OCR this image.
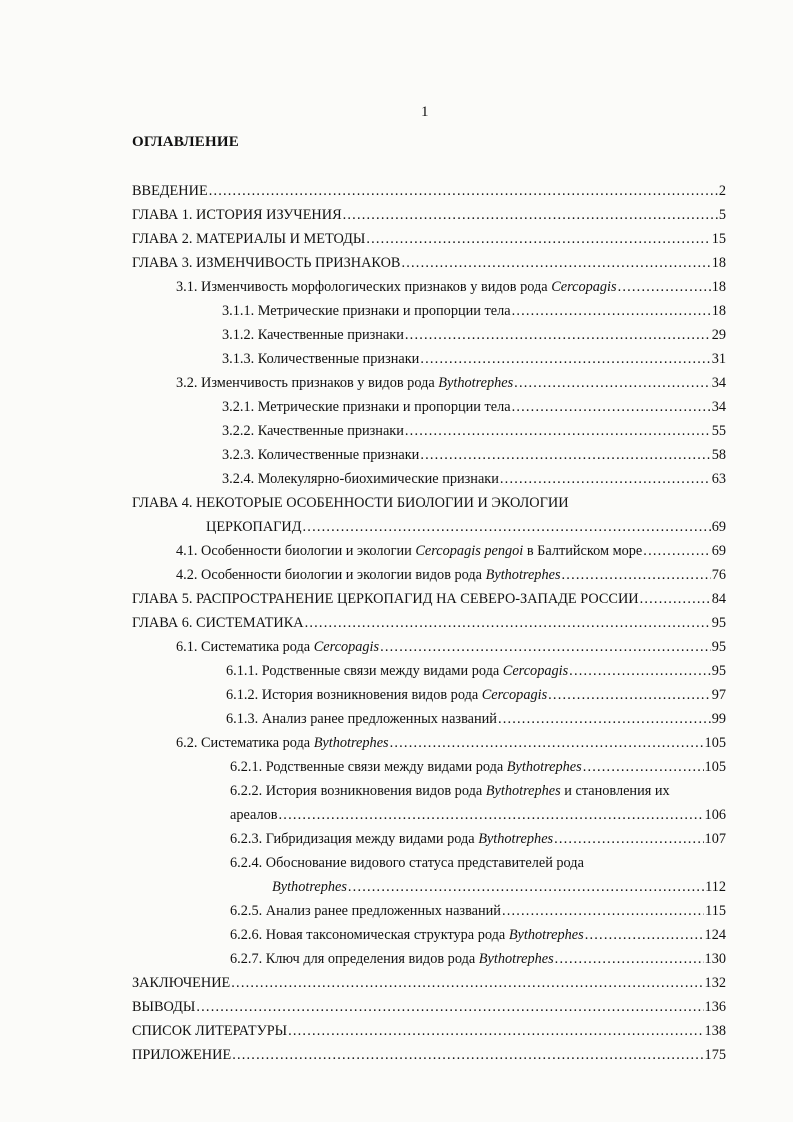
1
ОГЛАВЛЕНИЕ
ВВЕДЕНИЕ .....	2
ГЛАВА 1. ИСТОРИЯ ИЗУЧЕНИЯ .....	5
ГЛАВА 2. МАТЕРИАЛЫ И МЕТОДЫ .....	15
ГЛАВА 3. ИЗМЕНЧИВОСТЬ ПРИЗНАКОВ .....	18
3.1. Изменчивость морфологических признаков у видов рода Cercopagis .....	18
3.1.1. Метрические признаки и пропорции тела .....	18
3.1.2. Качественные признаки .....	29
3.1.3. Количественные признаки .....	31
3.2. Изменчивость признаков у видов рода Bythotrephes .....	34
3.2.1. Метрические признаки и пропорции тела .....	34
3.2.2. Качественные признаки .....	55
3.2.3. Количественные признаки .....	58
3.2.4. Молекулярно-биохимические признаки .....	63
ГЛАВА 4. НЕКОТОРЫЕ ОСОБЕННОСТИ БИОЛОГИИ И ЭКОЛОГИИ
ЦЕРКОПАГИД .....	69
4.1. Особенности биологии и экологии Cercopagis pengoi в Балтийском море .....	69
4.2. Особенности биологии и экологии видов рода Bythotrephes .....	76
ГЛАВА 5. РАСПРОСТРАНЕНИЕ ЦЕРКОПАГИД НА СЕВЕРО-ЗАПАДЕ РОССИИ .....	84
ГЛАВА 6. СИСТЕМАТИКА .....	95
6.1. Систематика рода Cercopagis .....	95
6.1.1. Родственные связи между видами рода Cercopagis .....	95
6.1.2. История возникновения видов рода Cercopagis .....	97
6.1.3. Анализ ранее предложенных названий .....	99
6.2. Систематика рода Bythotrephes .....	105
6.2.1. Родственные связи между видами рода Bythotrephes .....	105
6.2.2. История возникновения видов рода Bythotrephes и становления их
ареалов .....	106
6.2.3. Гибридизация между видами рода Bythotrephes .....	107
6.2.4. Обоснование видового статуса представителей рода
Bythotrephes .....	112
6.2.5. Анализ ранее предложенных названий .....	115
6.2.6. Новая таксономическая структура рода Bythotrephes .....	124
6.2.7. Ключ для определения видов рода Bythotrephes .....	130
ЗАКЛЮЧЕНИЕ .....	132
ВЫВОДЫ .....	136
СПИСОК ЛИТЕРАТУРЫ .....	138
ПРИЛОЖЕНИЕ .....	175
